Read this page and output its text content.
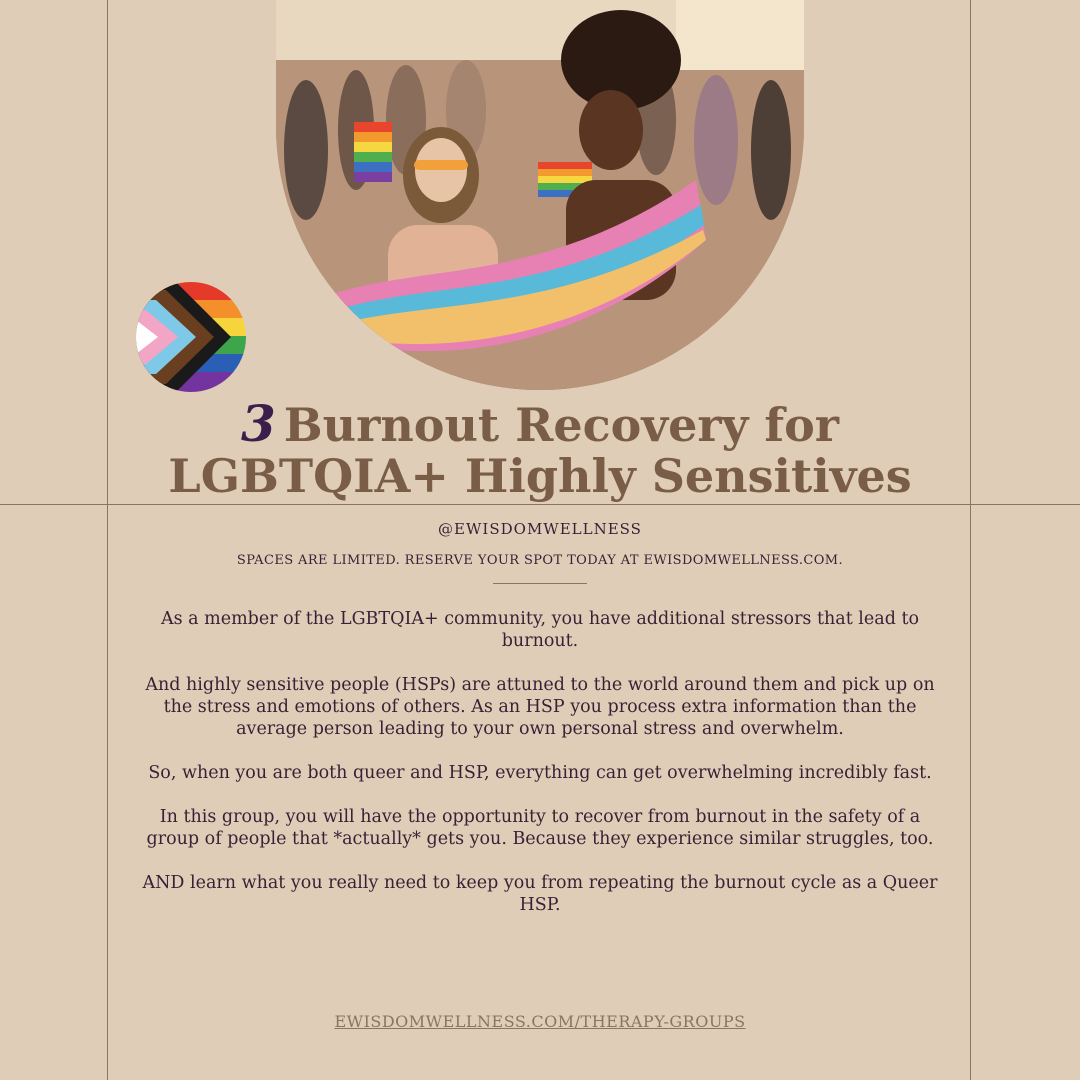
3 Burnout Recovery for
LGBTQIA+ Highly Sensitives
@EWISDOMWELLNESS
SPACES ARE LIMITED. RESERVE YOUR SPOT TODAY AT EWISDOMWELLNESS.COM.

As a member of the LGBTQIA+ community, you have additional stressors that lead to burnout.

And highly sensitive people (HSPs) are attuned to the world around them and pick up on the stress and emotions of others. As an HSP you process extra information than the average person leading to your own personal stress and overwhelm.

So, when you are both queer and HSP, everything can get overwhelming incredibly fast.

In this group, you will have the opportunity to recover from burnout in the safety of a group of people that *actually* gets you. Because they experience similar struggles, too.

AND learn what you really need to keep you from repeating the burnout cycle as a Queer HSP.

EWISDOMWELLNESS.COM/THERAPY-GROUPS
